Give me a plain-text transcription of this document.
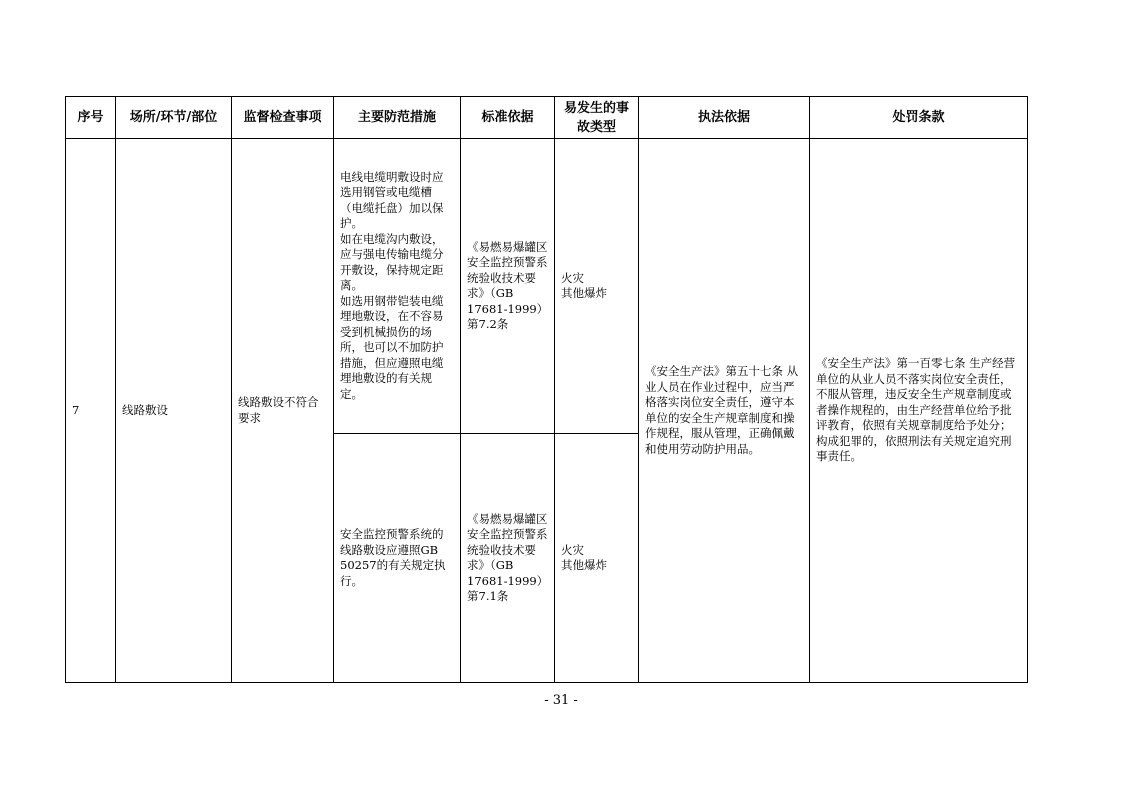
序号	场所/环节/部位	监督检查事项	主要防范措施	标准依据	易发生的事故类型	执法依据	处罚条款
7	线路敷设	线路敷设不符合要求	电线电缆明敷设时应选用钢管或电缆槽（电缆托盘）加以保护。
如在电缆沟内敷设，应与强电传输电缆分开敷设，保持规定距离。
如选用钢带铠装电缆埋地敷设，在不容易受到机械损伤的场所，也可以不加防护措施，但应遵照电缆埋地敷设的有关规定。	《易燃易爆罐区安全监控预警系统验收技术要求》（GB 17681-1999）第7.2条	火灾
其他爆炸	《安全生产法》第五十七条 从业人员在作业过程中，应当严格落实岗位安全责任，遵守本单位的安全生产规章制度和操作规程，服从管理，正确佩戴和使用劳动防护用品。	《安全生产法》第一百零七条 生产经营单位的从业人员不落实岗位安全责任，不服从管理，违反安全生产规章制度或者操作规程的，由生产经营单位给予批评教育，依照有关规章制度给予处分；构成犯罪的，依照刑法有关规定追究刑事责任。
			安全监控预警系统的线路敷设应遵照GB 50257的有关规定执行。	《易燃易爆罐区安全监控预警系统验收技术要求》（GB 17681-1999）第7.1条	火灾
其他爆炸		
- 31 -
